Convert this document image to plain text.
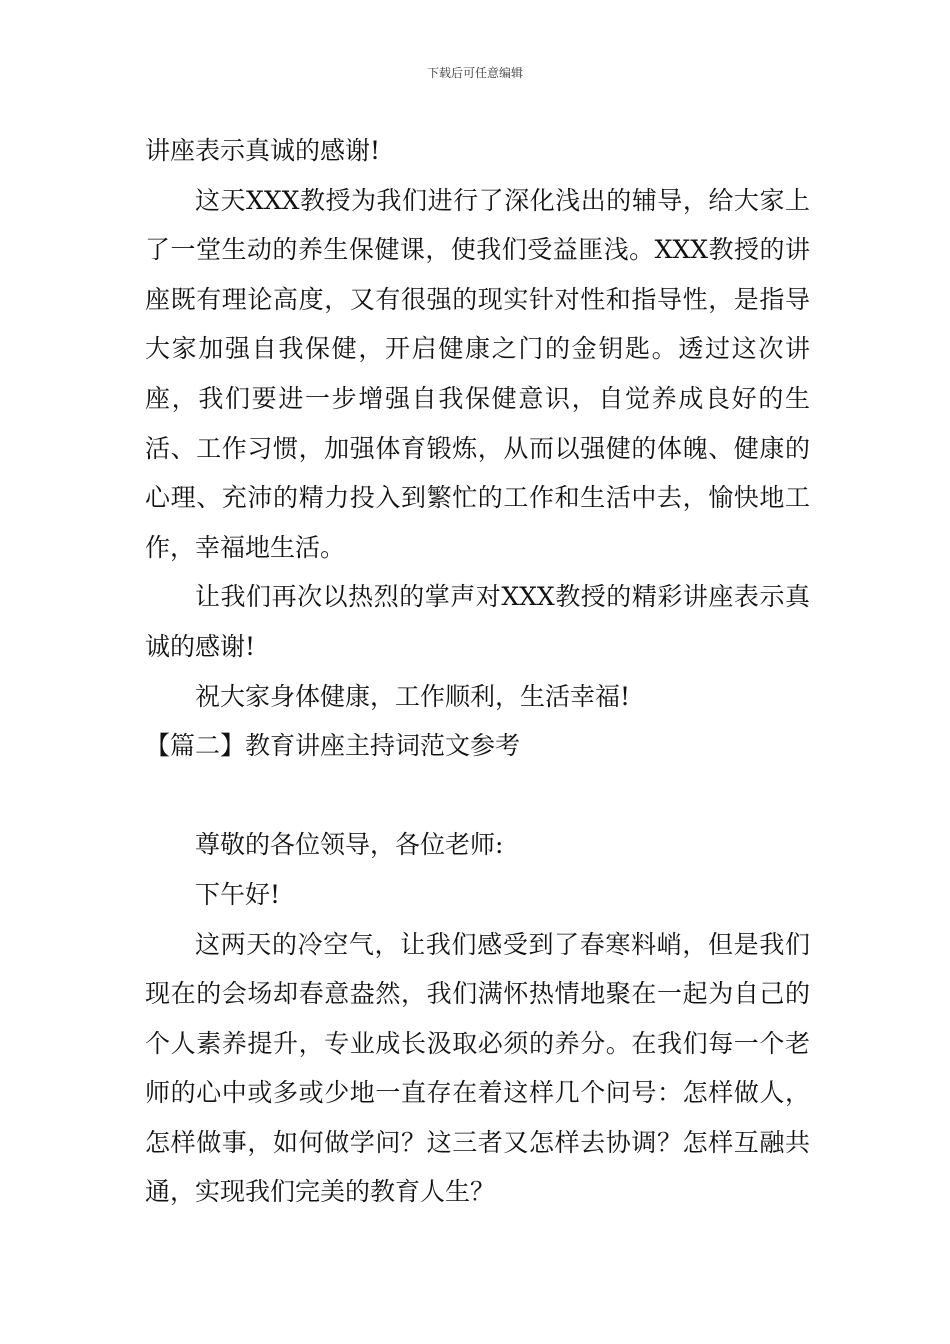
下载后可任意编辑

讲座表示真诚的感谢!

这天XXX教授为我们进行了深化浅出的辅导，给大家上了一堂生动的养生保健课，使我们受益匪浅。XXX教授的讲座既有理论高度，又有很强的现实针对性和指导性，是指导大家加强自我保健，开启健康之门的金钥匙。透过这次讲座，我们要进一步增强自我保健意识，自觉养成良好的生活、工作习惯，加强体育锻炼，从而以强健的体魄、健康的心理、充沛的精力投入到繁忙的工作和生活中去，愉快地工作，幸福地生活。

让我们再次以热烈的掌声对XXX教授的精彩讲座表示真诚的感谢!

祝大家身体健康，工作顺利，生活幸福!

【篇二】教育讲座主持词范文参考

尊敬的各位领导，各位老师:

下午好!

这两天的冷空气，让我们感受到了春寒料峭，但是我们现在的会场却春意盎然，我们满怀热情地聚在一起为自己的个人素养提升，专业成长汲取必须的养分。在我们每一个老师的心中或多或少地一直存在着这样几个问号：怎样做人，怎样做事，如何做学问？这三者又怎样去协调？怎样互融共通，实现我们完美的教育人生？
